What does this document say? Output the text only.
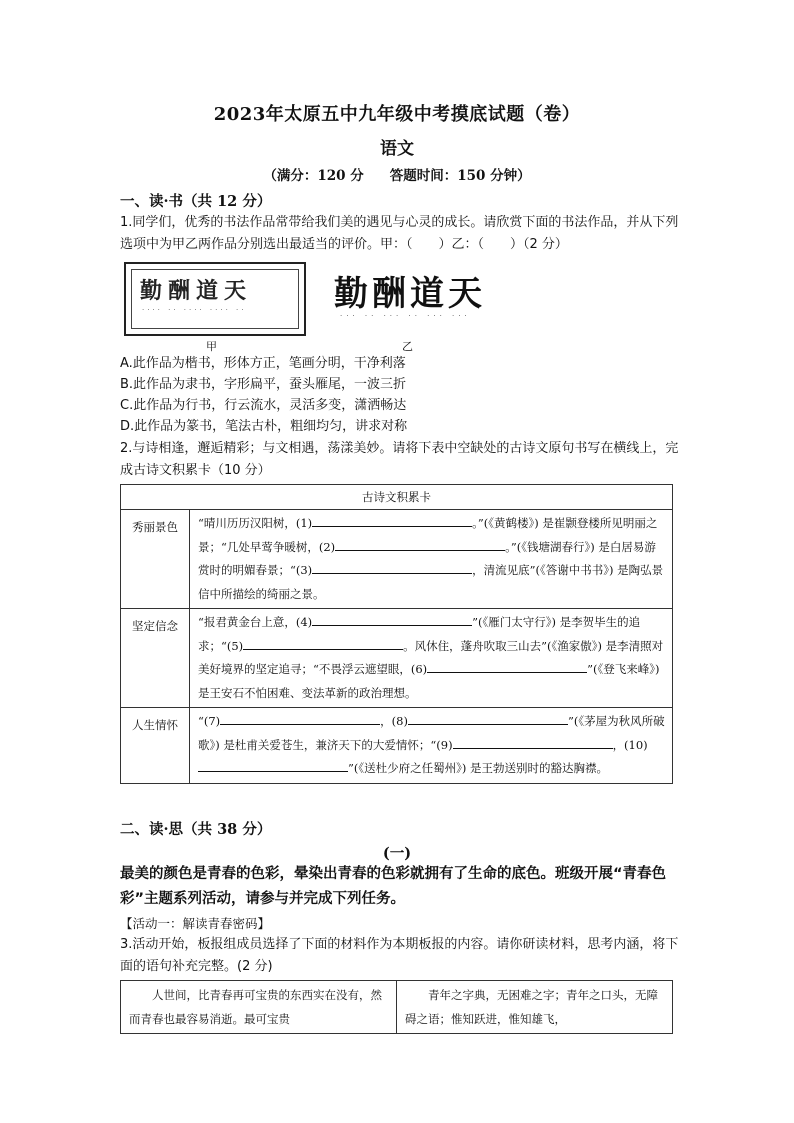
2023年太原五中九年级中考摸底试题（卷）
语文
（满分：120 分 答题时间：150 分钟）
一、读·书（共 12 分）
1.同学们，优秀的书法作品常带给我们美的遇见与心灵的成长。请欣赏下面的书法作品，并从下列选项中为甲乙两作品分别选出最适当的评价。甲：（　　）乙：（　　）（2 分）
勤酬道天
···· ·· ···· ···· ··	勤酬道天
··· ·· ··· ·· ··· ···
甲	乙
A.此作品为楷书，形体方正，笔画分明，干净利落
B.此作品为隶书，字形扁平，蚕头雁尾，一波三折
C.此作品为行书，行云流水，灵活多变，潇洒畅达
D.此作品为篆书，笔法古朴，粗细均匀，讲求对称
2.与诗相逢，邂逅精彩；与文相遇，荡漾美妙。请将下表中空缺处的古诗文原句书写在横线上，完成古诗文积累卡（10 分）
古诗文积累卡	
秀丽景色	“晴川历历汉阳树，(1) 。”(《黄鹤楼》) 是崔颢登楼所见明丽之景；“几处早莺争暖树，(2) 。”(《钱塘湖春行》) 是白居易游赏时的明媚春景；“(3) ，清流见底”(《答谢中书书》) 是陶弘景信中所描绘的绮丽之景。
坚定信念	“报君黄金台上意，(4) ”(《雁门太守行》) 是李贺毕生的追求；“(5) 。风休住，蓬舟吹取三山去”(《渔家傲》) 是李清照对美好境界的坚定追寻；“不畏浮云遮望眼，(6) ”(《登飞来峰》) 是王安石不怕困难、变法革新的政治理想。
人生情怀	“(7) ，(8) ”(《茅屋为秋风所破歌》) 是杜甫关爱苍生，兼济天下的大爱情怀；“(9) ，(10)”(《送杜少府之任蜀州》) 是王勃送别时的豁达胸襟。
二、读·思（共 38 分）
(一)
最美的颜色是青春的色彩，晕染出青春的色彩就拥有了生命的底色。班级开展“青春色彩”主题系列活动，请参与并完成下列任务。
【活动一：解读青春密码】
3.活动开始，板报组成员选择了下面的材料作为本期板报的内容。请你研读材料，思考内涵，将下面的语句补充完整。(2 分)
　　人世间，比青春再可宝贵的东西实在没有，然而青春也最容易消逝。最可宝贵	　　青年之字典，无困难之字；青年之口头，无障碍之语；惟知跃进，惟知雄飞，
